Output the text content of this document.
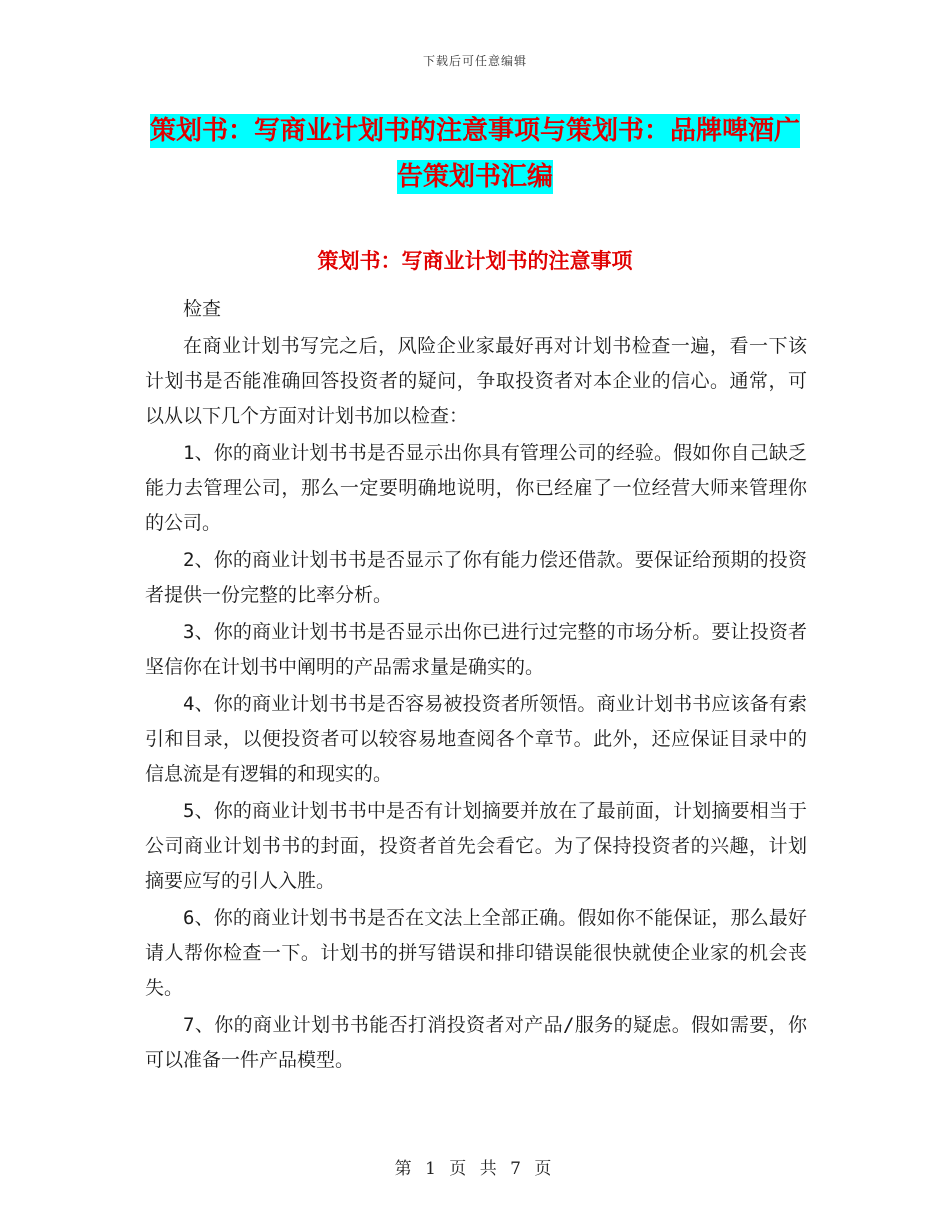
下载后可任意编辑
策划书：写商业计划书的注意事项与策划书：品牌啤酒广告策划书汇编
策划书：写商业计划书的注意事项

检查

在商业计划书写完之后，风险企业家最好再对计划书检查一遍，看一下该计划书是否能准确回答投资者的疑问，争取投资者对本企业的信心。通常，可以从以下几个方面对计划书加以检查：

1、你的商业计划书书是否显示出你具有管理公司的经验。假如你自己缺乏能力去管理公司，那么一定要明确地说明，你已经雇了一位经营大师来管理你的公司。

2、你的商业计划书书是否显示了你有能力偿还借款。要保证给预期的投资者提供一份完整的比率分析。

3、你的商业计划书书是否显示出你已进行过完整的市场分析。要让投资者坚信你在计划书中阐明的产品需求量是确实的。

4、你的商业计划书书是否容易被投资者所领悟。商业计划书书应该备有索引和目录，以便投资者可以较容易地查阅各个章节。此外，还应保证目录中的信息流是有逻辑的和现实的。

5、你的商业计划书书中是否有计划摘要并放在了最前面，计划摘要相当于公司商业计划书书的封面，投资者首先会看它。为了保持投资者的兴趣，计划摘要应写的引人入胜。

6、你的商业计划书书是否在文法上全部正确。假如你不能保证，那么最好请人帮你检查一下。计划书的拼写错误和排印错误能很快就使企业家的机会丧失。

7、你的商业计划书书能否打消投资者对产品/服务的疑虑。假如需要，你可以准备一件产品模型。

第 1 页 共 7 页
